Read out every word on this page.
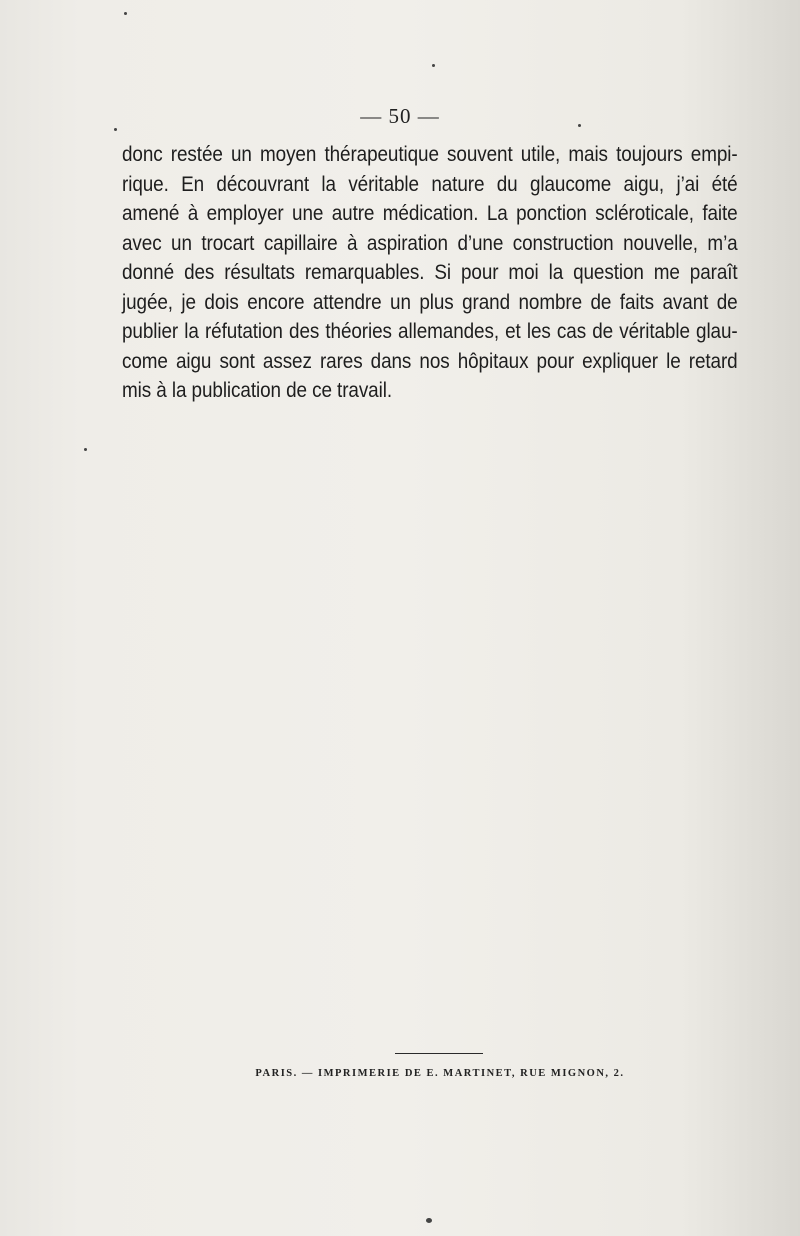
— 50 —
donc restée un moyen thérapeutique souvent utile, mais toujours empi-
rique. En découvrant la véritable nature du glaucome aigu, j’ai été
amené à employer une autre médication. La ponction scléroticale, faite
avec un trocart capillaire à aspiration d’une construction nouvelle, m’a
donné des résultats remarquables. Si pour moi la question me paraît
jugée, je dois encore attendre un plus grand nombre de faits avant de
publier la réfutation des théories allemandes, et les cas de véritable glau-
come aigu sont assez rares dans nos hôpitaux pour expliquer le retard
mis à la publication de ce travail.
PARIS. — IMPRIMERIE DE E. MARTINET, RUE MIGNON, 2.
